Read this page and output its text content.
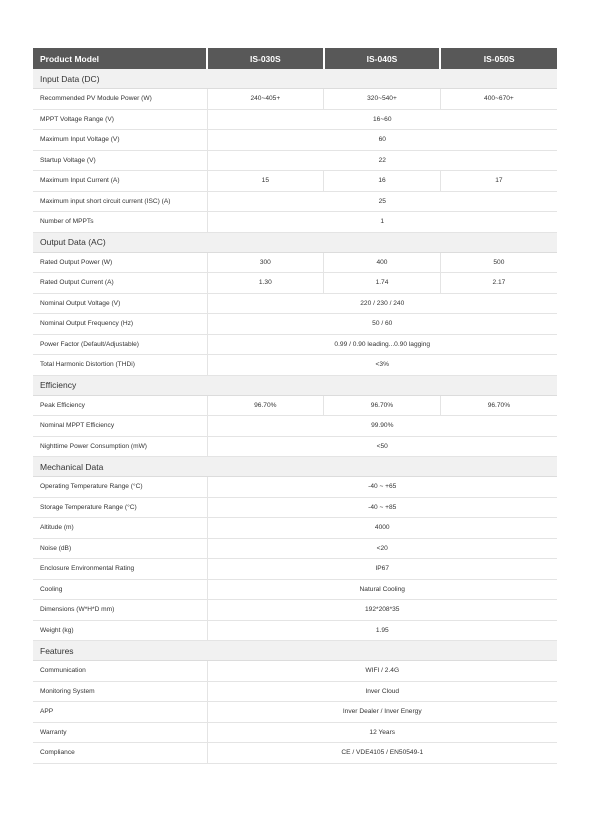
Product Model	IS-030S	IS-040S	IS-050S
Input Data (DC)			
Recommended PV Module Power (W)	240~405+	320~540+	400~670+
MPPT Voltage Range (V)	16~60		
Maximum Input Voltage (V)	60		
Startup Voltage (V)	22		
Maximum Input Current (A)	15	16	17
Maximum input short circuit current (ISC) (A)	25		
Number of MPPTs	1		
Output Data (AC)			
Rated Output Power (W)	300	400	500
Rated Output Current (A)	1.30	1.74	2.17
Nominal Output Voltage (V)	220 / 230 / 240		
Nominal Output Frequency (Hz)	50 / 60		
Power Factor (Default/Adjustable)	0.99 / 0.90 leading...0.90 lagging		
Total Harmonic Distortion (THDi)	<3%		
Efficiency			
Peak Efficiency	96.70%	96.70%	96.70%
Nominal MPPT Efficiency	99.90%		
Nighttime Power Consumption (mW)	<50		
Mechanical Data			
Operating Temperature Range (°C)	-40 ~ +65		
Storage Temperature Range (°C)	-40 ~ +85		
Altitude (m)	4000		
Noise (dB)	<20		
Enclosure Environmental Rating	IP67		
Cooling	Natural Cooling		
Dimensions (W*H*D mm)	192*208*35		
Weight (kg)	1.95		
Features			
Communication	WIFI / 2.4G		
Monitoring System	Inver Cloud		
APP	Inver Dealer / Inver Energy		
Warranty	12 Years		
Compliance	CE / VDE4105 / EN50549-1		
